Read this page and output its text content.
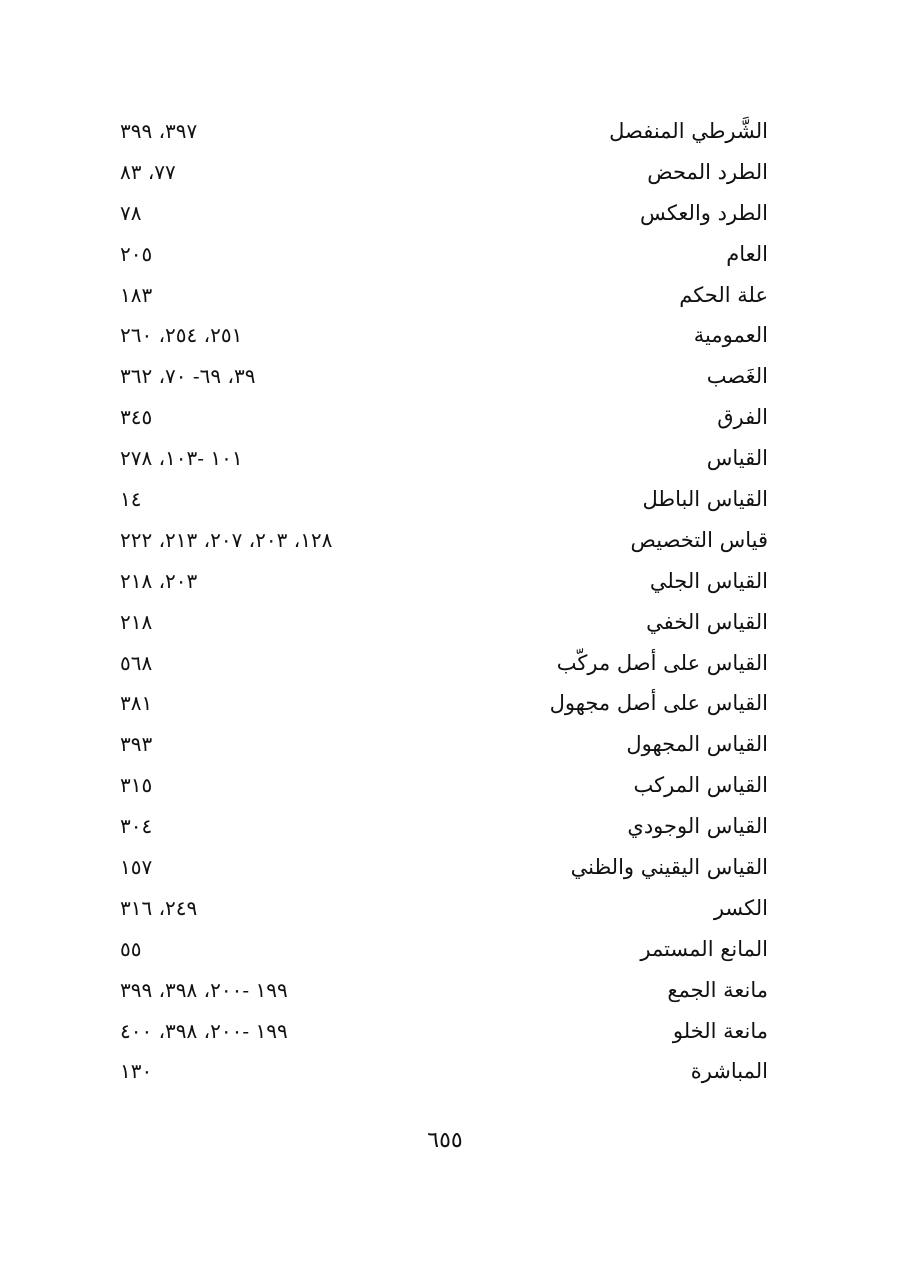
الشَّرطي المنفصل
٣٩٧، ٣٩٩
الطرد المحض
٧٧، ٨٣
الطرد والعكس
٧٨
العام
٢٠٥
علة الحكم
١٨٣
العمومية
٢٥١، ٢٥٤، ٢٦٠
الغَصب
٣٩، ٦٩- ٧٠، ٣٦٢
الفرق
٣٤٥
القياس
١٠١ -١٠٣، ٢٧٨
القياس الباطل
١٤
قياس التخصيص
١٢٨، ٢٠٣، ٢٠٧، ٢١٣، ٢٢٢
القياس الجلي
٢٠٣، ٢١٨
القياس الخفي
٢١٨
القياس على أصل مركّب
٥٦٨
القياس على أصل مجهول
٣٨١
القياس المجهول
٣٩٣
القياس المركب
٣١٥
القياس الوجودي
٣٠٤
القياس اليقيني والظني
١٥٧
الكسر
٢٤٩، ٣١٦
المانع المستمر
٥٥
مانعة الجمع
١٩٩ -٢٠٠، ٣٩٨، ٣٩٩
مانعة الخلو
١٩٩ -٢٠٠، ٣٩٨، ٤٠٠
المباشرة
١٣٠
٦٥٥
